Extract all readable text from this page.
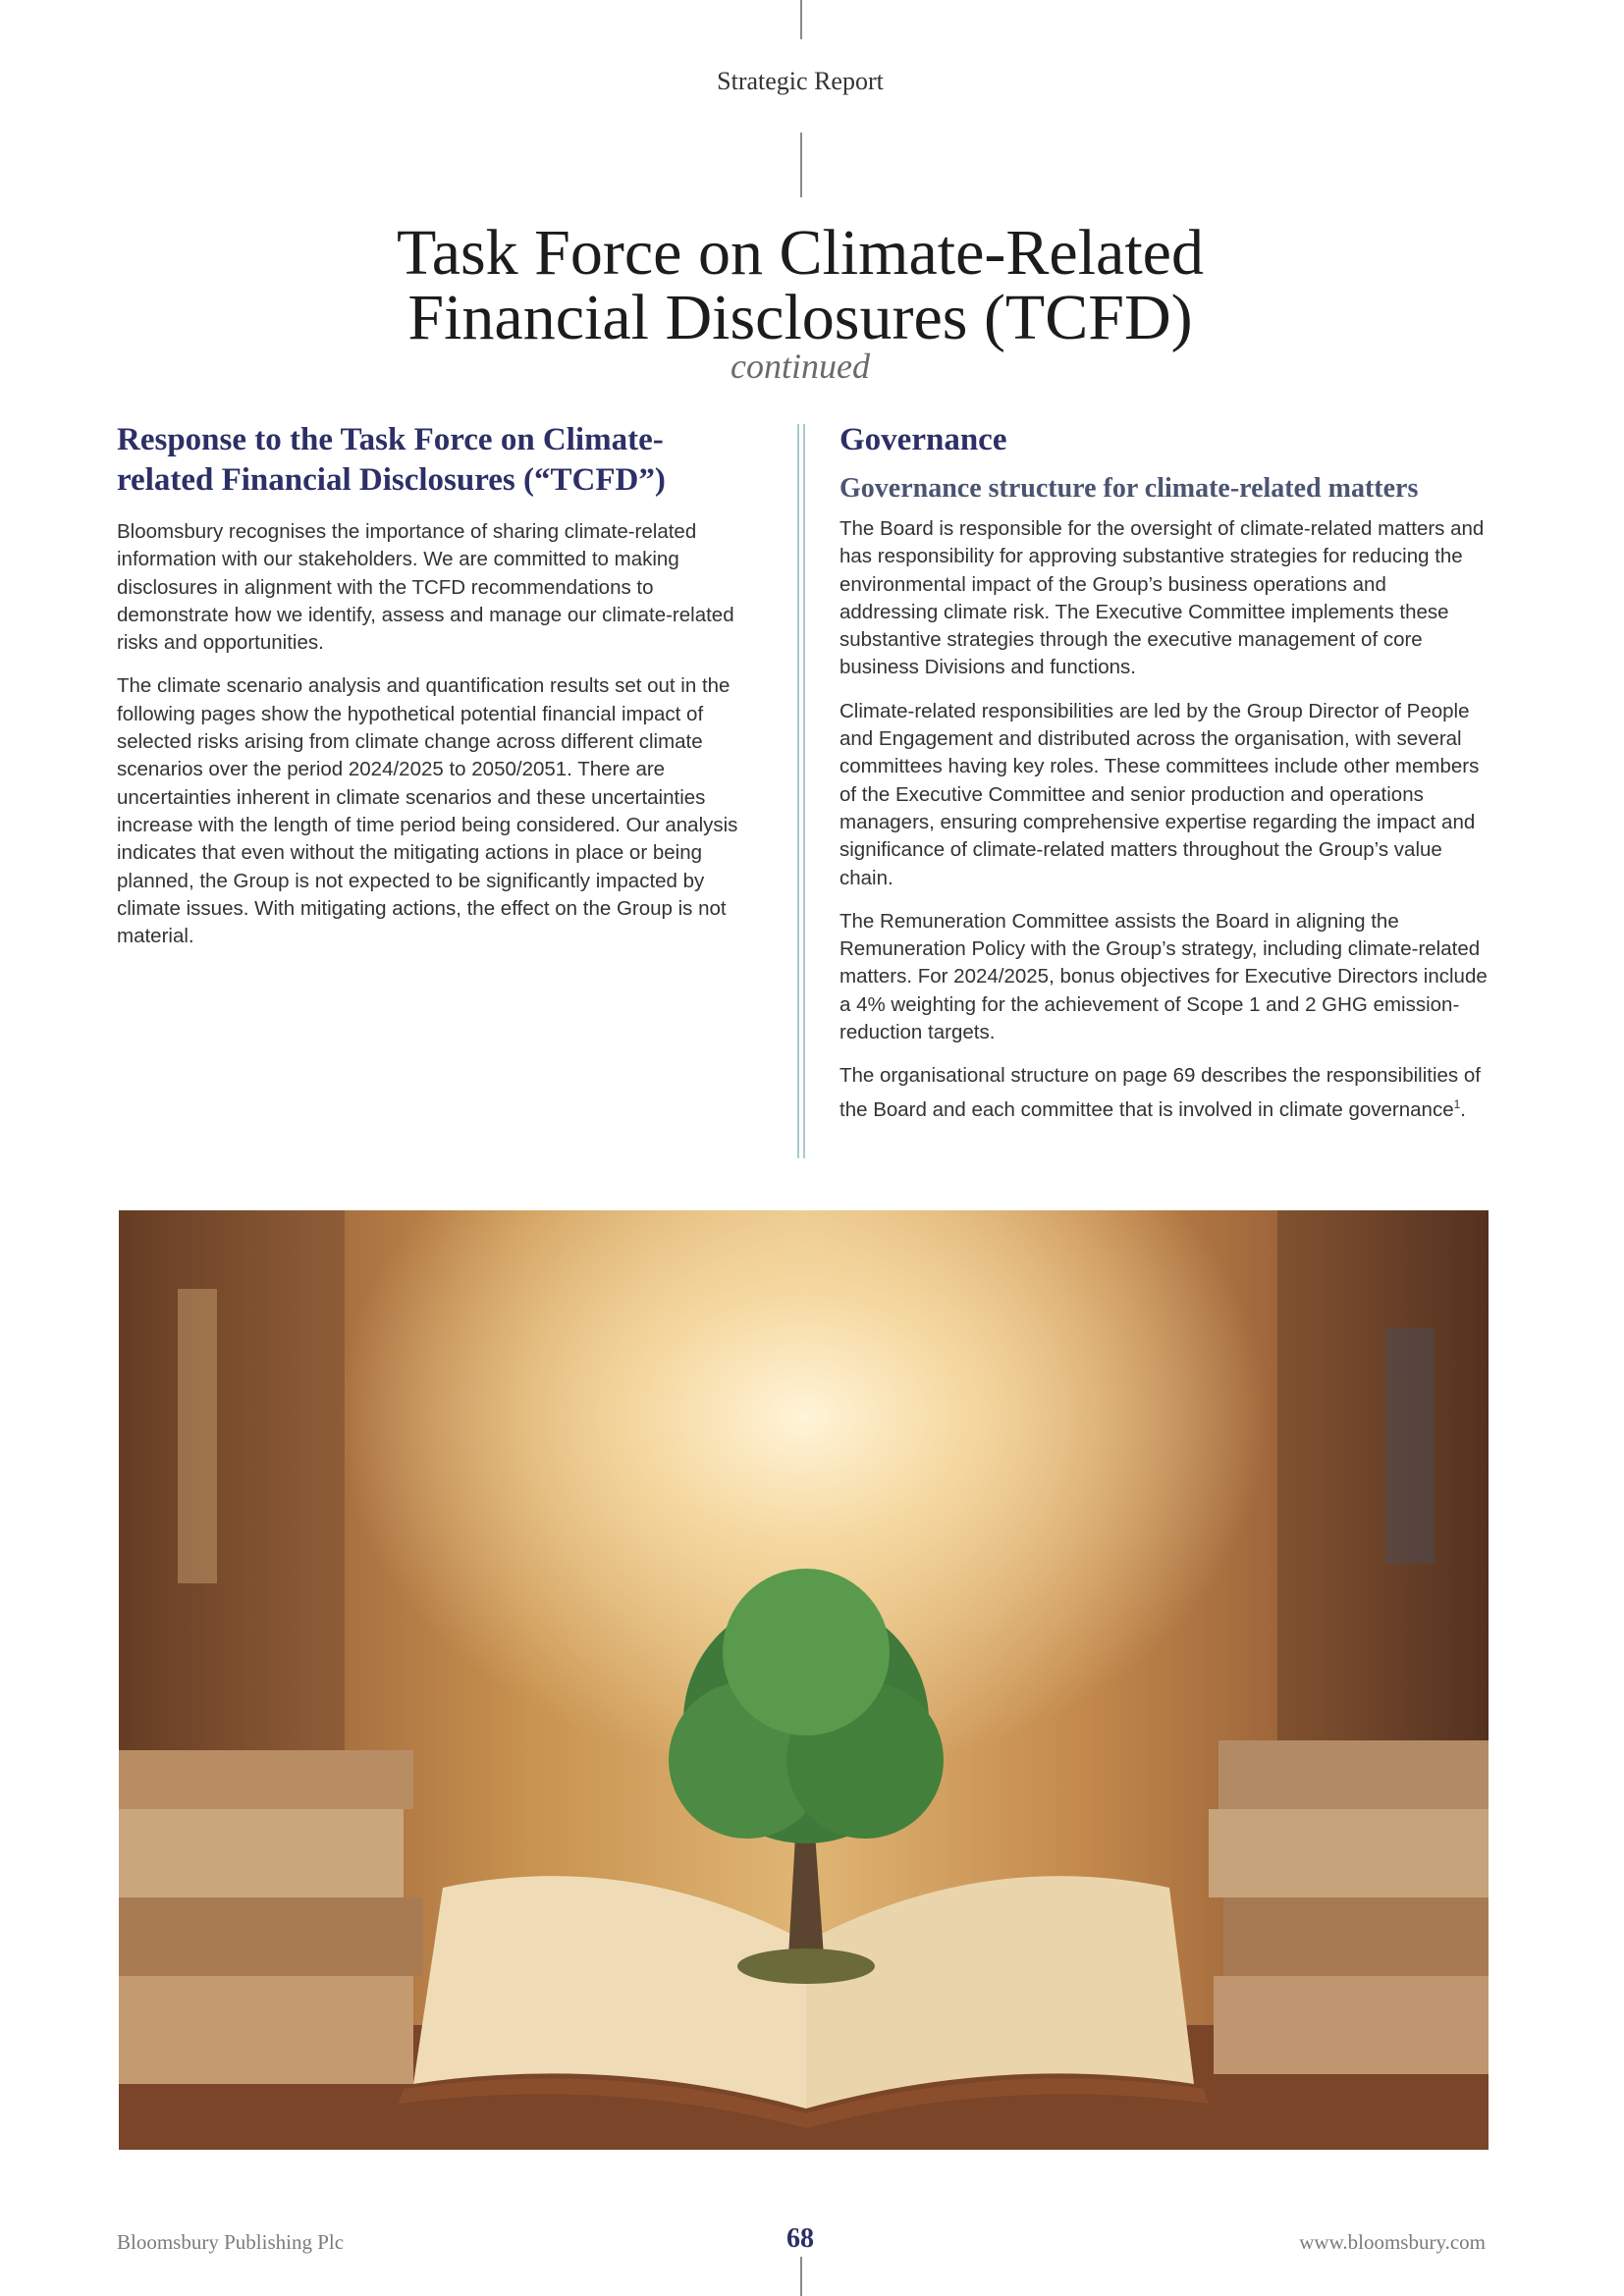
Strategic Report
Task Force on Climate-Related
Financial Disclosures (TCFD)
continued
Response to the Task Force on Climate-
related Financial Disclosures (“TCFD”)

Bloomsbury recognises the importance of sharing climate-related information with our stakeholders. We are committed to making disclosures in alignment with the TCFD recommendations to demonstrate how we identify, assess and manage our climate-related risks and opportunities.

The climate scenario analysis and quantification results set out in the following pages show the hypothetical potential financial impact of selected risks arising from climate change across different climate scenarios over the period 2024/2025 to 2050/2051. There are uncertainties inherent in climate scenarios and these uncertainties increase with the length of time period being considered. Our analysis indicates that even without the mitigating actions in place or being planned, the Group is not expected to be significantly impacted by climate issues. With mitigating actions, the effect on the Group is not material.

Governance
Governance structure for climate-related matters

The Board is responsible for the oversight of climate-related matters and has responsibility for approving substantive strategies for reducing the environmental impact of the Group’s business operations and addressing climate risk. The Executive Committee implements these substantive strategies through the executive management of core business Divisions and functions.

Climate-related responsibilities are led by the Group Director of People and Engagement and distributed across the organisation, with several committees having key roles. These committees include other members of the Executive Committee and senior production and operations managers, ensuring comprehensive expertise regarding the impact and significance of climate-related matters throughout the Group’s value chain.

The Remuneration Committee assists the Board in aligning the Remuneration Policy with the Group’s strategy, including climate-related matters. For 2024/2025, bonus objectives for Executive Directors include a 4% weighting for the achievement of Scope 1 and 2 GHG emission-reduction targets.

The organisational structure on page 69 describes the responsibilities of the Board and each committee that is involved in climate governance$^1$.

Bloomsbury Publishing Plc	68	www.bloomsbury.com
